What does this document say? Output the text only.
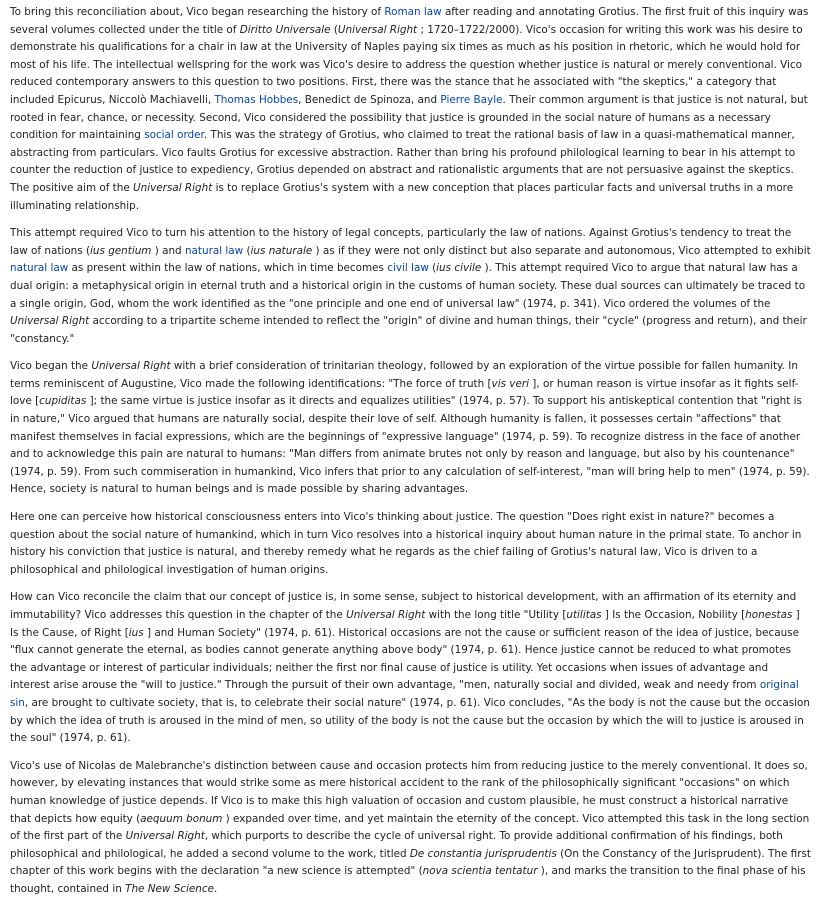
To bring this reconciliation about, Vico began researching the history of Roman law after reading and annotating Grotius. The first fruit of this inquiry was several volumes collected under the title of Diritto Universale (Universal Right ; 1720–1722/2000). Vico's occasion for writing this work was his desire to demonstrate his qualifications for a chair in law at the University of Naples paying six times as much as his position in rhetoric, which he would hold for most of his life. The intellectual wellspring for the work was Vico's desire to address the question whether justice is natural or merely conventional. Vico reduced contemporary answers to this question to two positions. First, there was the stance that he associated with "the skeptics," a category that included Epicurus, Niccolò Machiavelli, Thomas Hobbes, Benedict de Spinoza, and Pierre Bayle. Their common argument is that justice is not natural, but rooted in fear, chance, or necessity. Second, Vico considered the possibility that justice is grounded in the social nature of humans as a necessary condition for maintaining social order. This was the strategy of Grotius, who claimed to treat the rational basis of law in a quasi-mathematical manner, abstracting from particulars. Vico faults Grotius for excessive abstraction. Rather than bring his profound philological learning to bear in his attempt to counter the reduction of justice to expediency, Grotius depended on abstract and rationalistic arguments that are not persuasive against the skeptics. The positive aim of the Universal Right is to replace Grotius's system with a new conception that places particular facts and universal truths in a more illuminating relationship.

This attempt required Vico to turn his attention to the history of legal concepts, particularly the law of nations. Against Grotius's tendency to treat the law of nations (ius gentium ) and natural law (ius naturale ) as if they were not only distinct but also separate and autonomous, Vico attempted to exhibit natural law as present within the law of nations, which in time becomes civil law (ius civile ). This attempt required Vico to argue that natural law has a dual origin: a metaphysical origin in eternal truth and a historical origin in the customs of human society. These dual sources can ultimately be traced to a single origin, God, whom the work identified as the "one principle and one end of universal law" (1974, p. 341). Vico ordered the volumes of the Universal Right according to a tripartite scheme intended to reflect the "origin" of divine and human things, their "cycle" (progress and return), and their "constancy."

Vico began the Universal Right with a brief consideration of trinitarian theology, followed by an exploration of the virtue possible for fallen humanity. In terms reminiscent of Augustine, Vico made the following identifications: "The force of truth [vis veri ], or human reason is virtue insofar as it fights self-love [cupiditas ]; the same virtue is justice insofar as it directs and equalizes utilities" (1974, p. 57). To support his antiskeptical contention that "right is in nature," Vico argued that humans are naturally social, despite their love of self. Although humanity is fallen, it possesses certain "affections" that manifest themselves in facial expressions, which are the beginnings of "expressive language" (1974, p. 59). To recognize distress in the face of another and to acknowledge this pain are natural to humans: "Man differs from animate brutes not only by reason and language, but also by his countenance" (1974, p. 59). From such commiseration in humankind, Vico infers that prior to any calculation of self-interest, "man will bring help to men" (1974, p. 59). Hence, society is natural to human beings and is made possible by sharing advantages.

Here one can perceive how historical consciousness enters into Vico's thinking about justice. The question "Does right exist in nature?" becomes a question about the social nature of humankind, which in turn Vico resolves into a historical inquiry about human nature in the primal state. To anchor in history his conviction that justice is natural, and thereby remedy what he regards as the chief failing of Grotius's natural law, Vico is driven to a philosophical and philological investigation of human origins.

How can Vico reconcile the claim that our concept of justice is, in some sense, subject to historical development, with an affirmation of its eternity and immutability? Vico addresses this question in the chapter of the Universal Right with the long title "Utility [utilitas ] Is the Occasion, Nobility [honestas ] Is the Cause, of Right [ius ] and Human Society" (1974, p. 61). Historical occasions are not the cause or sufficient reason of the idea of justice, because "flux cannot generate the eternal, as bodies cannot generate anything above body" (1974, p. 61). Hence justice cannot be reduced to what promotes the advantage or interest of particular individuals; neither the first nor final cause of justice is utility. Yet occasions when issues of advantage and interest arise arouse the "will to justice." Through the pursuit of their own advantage, "men, naturally social and divided, weak and needy from original sin, are brought to cultivate society, that is, to celebrate their social nature" (1974, p. 61). Vico concludes, "As the body is not the cause but the occasion by which the idea of truth is aroused in the mind of men, so utility of the body is not the cause but the occasion by which the will to justice is aroused in the soul" (1974, p. 61).

Vico's use of Nicolas de Malebranche's distinction between cause and occasion protects him from reducing justice to the merely conventional. It does so, however, by elevating instances that would strike some as mere historical accident to the rank of the philosophically significant "occasions" on which human knowledge of justice depends. If Vico is to make this high valuation of occasion and custom plausible, he must construct a historical narrative that depicts how equity (aequum bonum ) expanded over time, and yet maintain the eternity of the concept. Vico attempted this task in the long section of the first part of the Universal Right, which purports to describe the cycle of universal right. To provide additional confirmation of his findings, both philosophical and philological, he added a second volume to the work, titled De constantia jurisprudentis (On the Constancy of the Jurisprudent). The first chapter of this work begins with the declaration "a new science is attempted" (nova scientia tentatur ), and marks the transition to the final phase of his thought, contained in The New Science.
